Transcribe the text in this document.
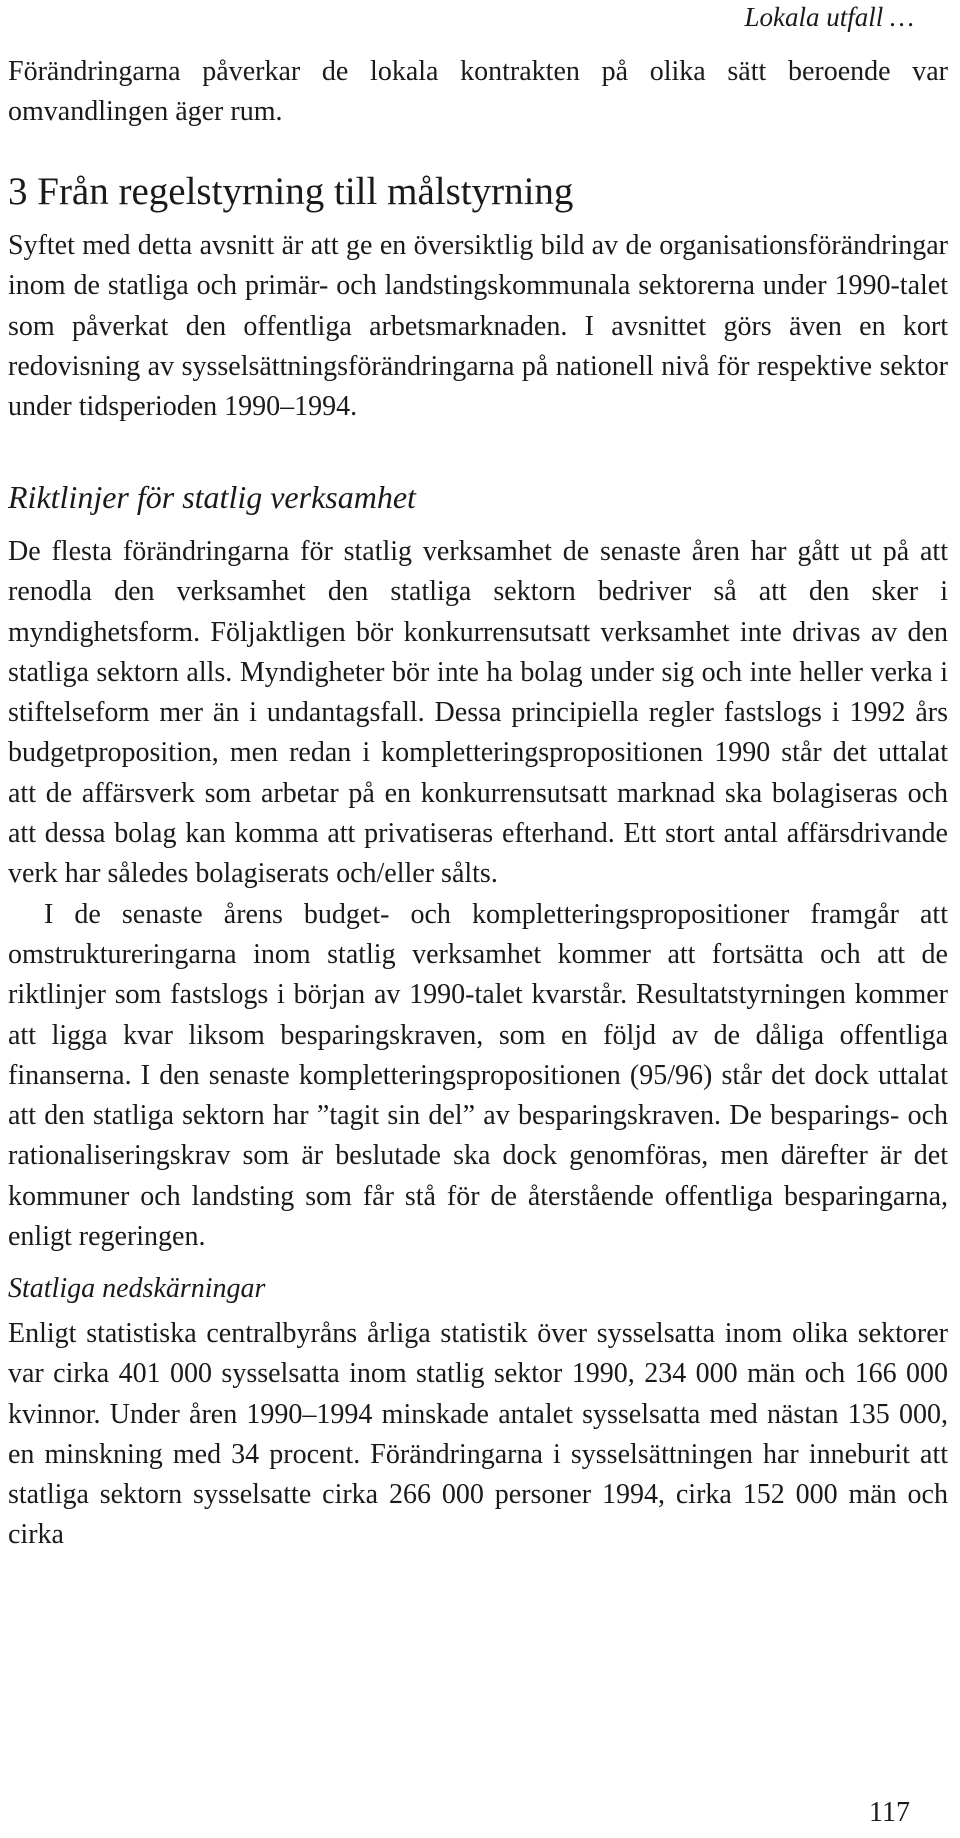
Lokala utfall …

Förändringarna påverkar de lokala kontrakten på olika sätt beroende var omvandlingen äger rum.

3 Från regelstyrning till målstyrning

Syftet med detta avsnitt är att ge en översiktlig bild av de organisationsförändringar inom de statliga och primär- och landstingskommunala sektorerna under 1990-talet som påverkat den offentliga arbetsmarknaden. I avsnittet görs även en kort redovisning av sysselsättningsförändringarna på nationell nivå för respektive sektor under tidsperioden 1990–1994.

Riktlinjer för statlig verksamhet

De flesta förändringarna för statlig verksamhet de senaste åren har gått ut på att renodla den verksamhet den statliga sektorn bedriver så att den sker i myndighetsform. Följaktligen bör konkurrensutsatt verksamhet inte drivas av den statliga sektorn alls. Myndigheter bör inte ha bolag under sig och inte heller verka i stiftelseform mer än i undantagsfall. Dessa principiella regler fastslogs i 1992 års budgetproposition, men redan i kompletteringspropositionen 1990 står det uttalat att de affärsverk som arbetar på en konkurrensutsatt marknad ska bolagiseras och att dessa bolag kan komma att privatiseras efterhand. Ett stort antal affärsdrivande verk har således bolagiserats och/eller sålts.

I de senaste årens budget- och kompletteringspropositioner framgår att omstruktureringarna inom statlig verksamhet kommer att fortsätta och att de riktlinjer som fastslogs i början av 1990-talet kvarstår. Resultatstyrningen kommer att ligga kvar liksom besparingskraven, som en följd av de dåliga offentliga finanserna. I den senaste kompletteringspropositionen (95/96) står det dock uttalat att den statliga sektorn har ”tagit sin del” av besparingskraven. De besparings- och rationaliseringskrav som är beslutade ska dock genomföras, men därefter är det kommuner och landsting som får stå för de återstående offentliga besparingarna, enligt regeringen.

Statliga nedskärningar

Enligt statistiska centralbyråns årliga statistik över sysselsatta inom olika sektorer var cirka 401 000 sysselsatta inom statlig sektor 1990, 234 000 män och 166 000 kvinnor. Under åren 1990–1994 minskade antalet sysselsatta med nästan 135 000, en minskning med 34 procent. Förändringarna i sysselsättningen har inneburit att statliga sektorn sysselsatte cirka 266 000 personer 1994, cirka 152 000 män och cirka

117
